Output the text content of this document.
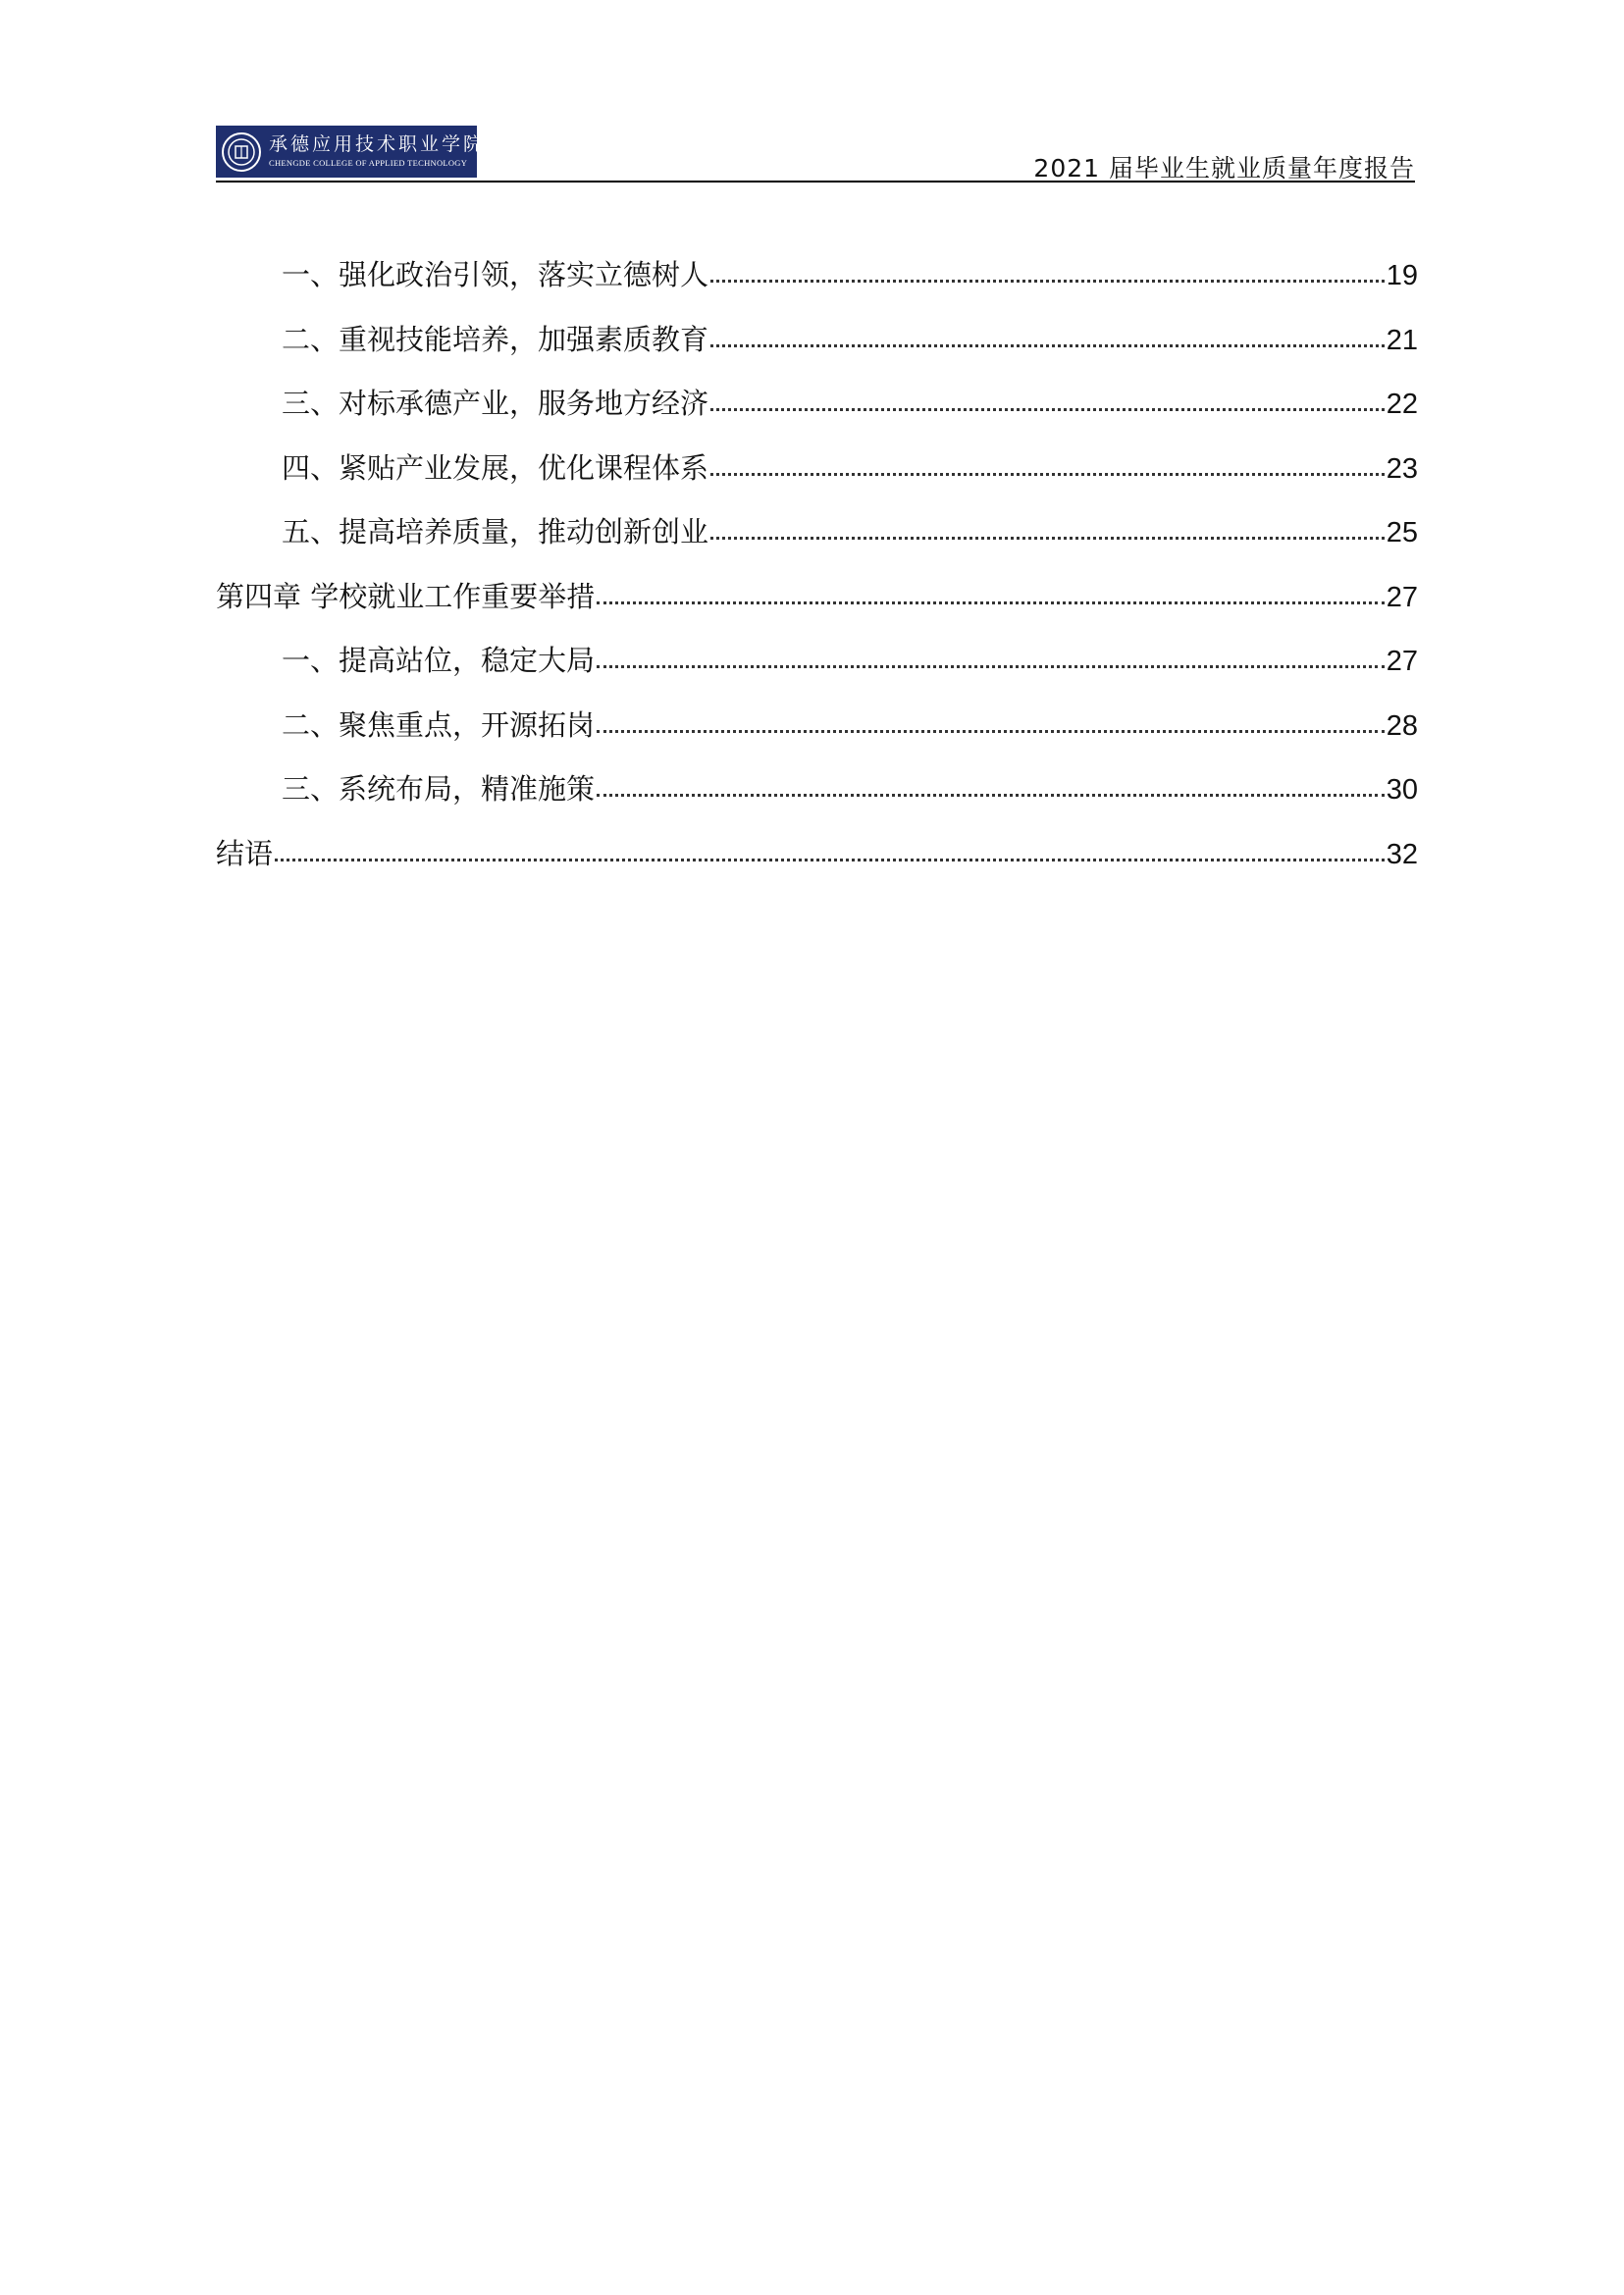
承德应用技术职业学院
CHENGDE COLLEGE OF APPLIED TECHNOLOGY	2021 届毕业生就业质量年度报告
一、强化政治引领，落实立德树人	19
二、重视技能培养，加强素质教育	21
三、对标承德产业，服务地方经济	22
四、紧贴产业发展，优化课程体系	23
五、提高培养质量，推动创新创业	25
第四章 学校就业工作重要举措	27
一、提高站位，稳定大局	27
二、聚焦重点，开源拓岗	28
三、系统布局，精准施策	30
结语	32
